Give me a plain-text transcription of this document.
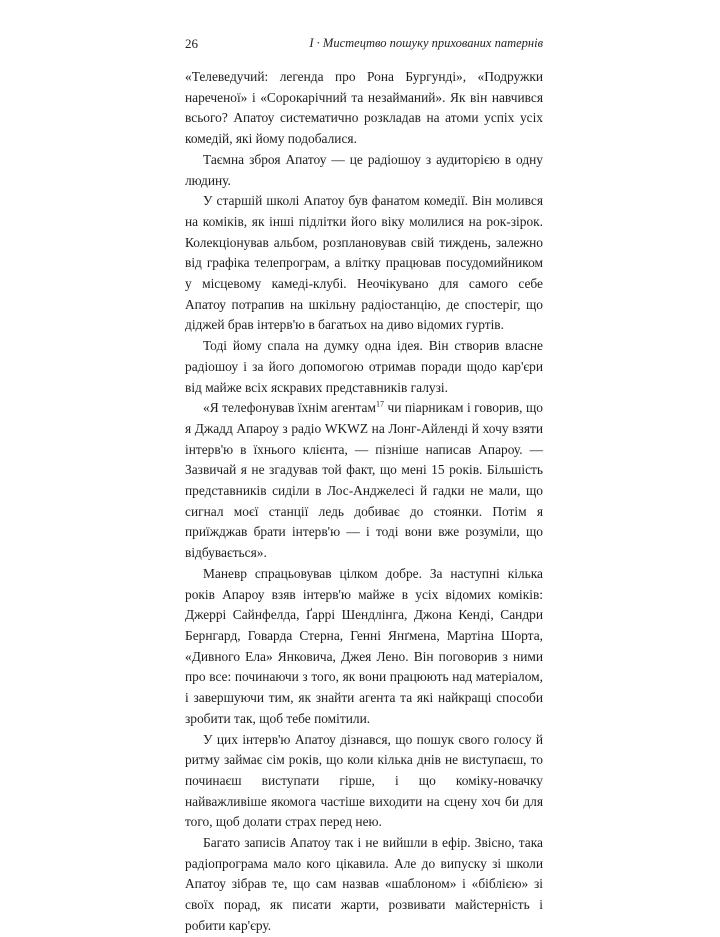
26	І · Мистецтво пошуку прихованих патернів

«Телеведучий: легенда про Рона Бургунді», «Подружки нареченої» і «Сорокарічний та незайманий». Як він навчився всього? Апатоу систематично розкладав на атоми успіх усіх комедій, які йому подобалися.

Таємна зброя Апатоу — це радіошоу з аудиторією в одну людину.

У старшій школі Апатоу був фанатом комедії. Він молився на коміків, як інші підлітки його віку молилися на рок-зірок. Колекціонував альбом, розплановував свій тиждень, залежно від графіка телепрограм, а влітку працював посудомийником у місцевому камеді-клубі. Неочікувано для самого себе Апатоу потрапив на шкільну радіостанцію, де спостеріг, що діджей брав інтерв'ю в багатьох на диво відомих гуртів.

Тоді йому спала на думку одна ідея. Він створив власне радіошоу і за його допомогою отримав поради щодо кар'єри від майже всіх яскравих представників галузі.

«Я телефонував їхнім агентам$^{17}$ чи піарникам і говорив, що я Джадд Апароу з радіо WKWZ на Лонг-Айленді й хочу взяти інтерв'ю в їхнього клієнта, — пізніше написав Апароу. — Зазвичай я не згадував той факт, що мені 15 років. Більшість представників сиділи в Лос-Анджелесі й гадки не мали, що сигнал моєї станції ледь добиває до стоянки. Потім я приїжджав брати інтерв'ю — і тоді вони вже розуміли, що відбувається».

Маневр спрацьовував цілком добре. За наступні кілька років Апароу взяв інтерв'ю майже в усіх відомих коміків: Джеррі Сайнфелда, Ґаррі Шендлінга, Джона Кенді, Сандри Бернгард, Говарда Стерна, Генні Янґмена, Мартіна Шорта, «Дивного Ела» Янковича, Джея Лено. Він поговорив з ними про все: починаючи з того, як вони працюють над матеріалом, і завершуючи тим, як знайти агента та які найкращі способи зробити так, щоб тебе помітили.

У цих інтерв'ю Апатоу дізнався, що пошук свого голосу й ритму займає сім років, що коли кілька днів не виступаєш, то починаєш виступати гірше, і що коміку-новачку найважливіше якомога частіше виходити на сцену хоч би для того, щоб долати страх перед нею.

Багато записів Апатоу так і не вийшли в ефір. Звісно, така радіопрограма мало кого цікавила. Але до випуску зі школи Апатоу зібрав те, що сам назвав «шаблоном» і «біблією» зі своїх порад, як писати жарти, розвивати майстерність і робити кар'єру.
